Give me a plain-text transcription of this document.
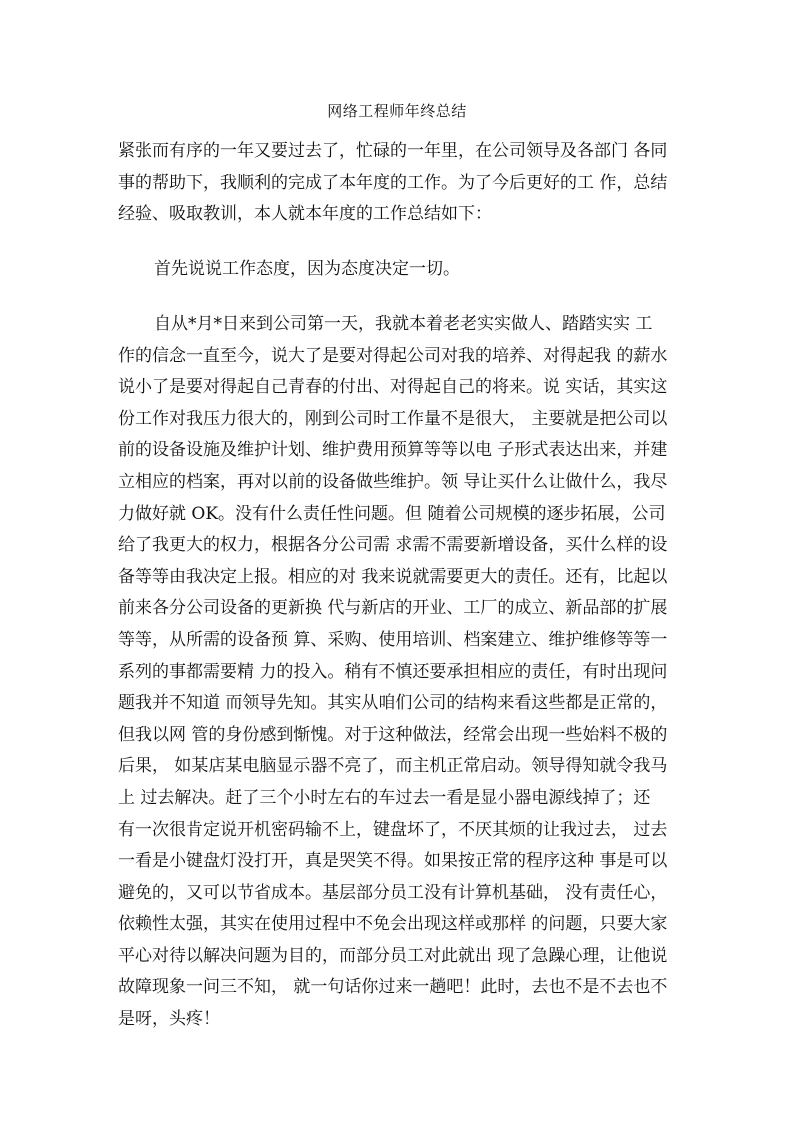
网络工程师年终总结
紧张而有序的一年又要过去了，忙碌的一年里，在公司领导及各部门 各同
事的帮助下，我顺利的完成了本年度的工作。为了今后更好的工 作，总结
经验、吸取教训，本人就本年度的工作总结如下：
首先说说工作态度，因为态度决定一切。
自从*月*日来到公司第一天，我就本着老老实实做人、踏踏实实 工
作的信念一直至今，说大了是要对得起公司对我的培养、对得起我 的薪水
说小了是要对得起自己青春的付出、对得起自己的将来。说 实话，其实这
份工作对我压力很大的，刚到公司时工作量不是很大， 主要就是把公司以
前的设备设施及维护计划、维护费用预算等等以电 子形式表达出来，并建
立相应的档案，再对以前的设备做些维护。领 导让买什么让做什么，我尽
力做好就 OK。没有什么责任性问题。但 随着公司规模的逐步拓展，公司
给了我更大的权力，根据各分公司需 求需不需要新增设备，买什么样的设
备等等由我决定上报。相应的对 我来说就需要更大的责任。还有，比起以
前来各分公司设备的更新换 代与新店的开业、工厂的成立、新品部的扩展
等等，从所需的设备预 算、采购、使用培训、档案建立、维护维修等等一
系列的事都需要精 力的投入。稍有不慎还要承担相应的责任，有时出现问
题我并不知道 而领导先知。其实从咱们公司的结构来看这些都是正常的，
但我以网 管的身份感到惭愧。对于这种做法，经常会出现一些始料不极的
后果， 如某店某电脑显示器不亮了，而主机正常启动。领导得知就令我马
上 过去解决。赶了三个小时左右的车过去一看是显小器电源线掉了；还
有一次很肯定说开机密码输不上，键盘坏了，不厌其烦的让我过去， 过去
一看是小键盘灯没打开，真是哭笑不得。如果按正常的程序这种 事是可以
避免的，又可以节省成本。基层部分员工没有计算机基础， 没有责任心，
依赖性太强，其实在使用过程中不免会出现这样或那样 的问题，只要大家
平心对待以解决问题为目的，而部分员工对此就出 现了急躁心理，让他说
故障现象一问三不知， 就一句话你过来一趟吧！此时，去也不是不去也不
是呀，头疼！
